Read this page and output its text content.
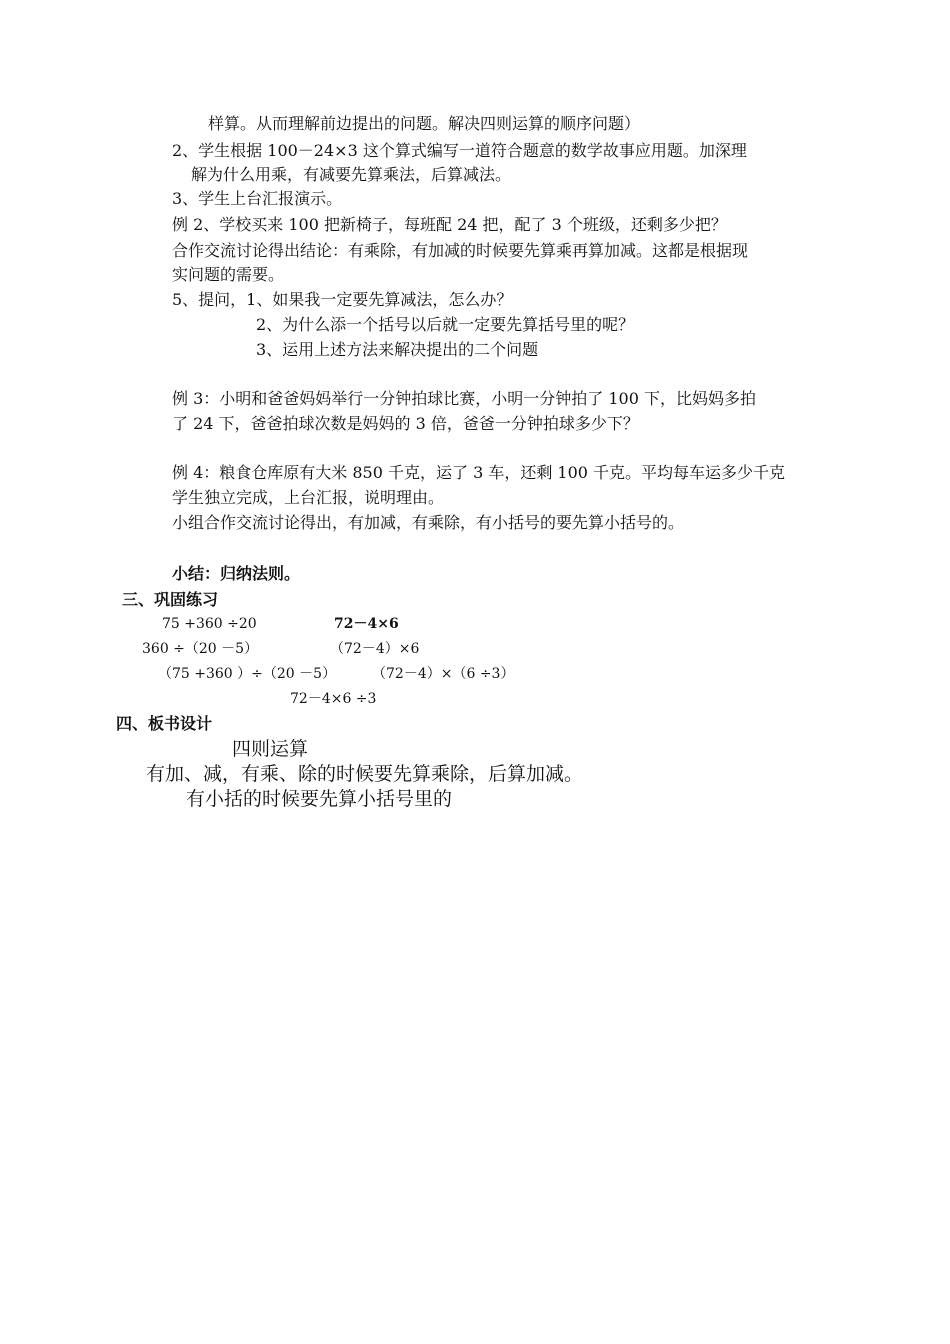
样算。从而理解前边提出的问题。解决四则运算的顺序问题）
2、学生根据 100－24×3 这个算式编写一道符合题意的数学故事应用题。加深理
解为什么用乘，有减要先算乘法，后算减法。
3、学生上台汇报演示。
例 2、学校买来 100 把新椅子，每班配 24 把，配了 3 个班级，还剩多少把？
合作交流讨论得出结论：有乘除，有加减的时候要先算乘再算加减。这都是根据现
实问题的需要。
5、提问，1、如果我一定要先算减法，怎么办？
2、为什么添一个括号以后就一定要先算括号里的呢？
3、运用上述方法来解决提出的二个问题
例 3：小明和爸爸妈妈举行一分钟拍球比赛，小明一分钟拍了 100 下，比妈妈多拍
了 24 下，爸爸拍球次数是妈妈的 3 倍，爸爸一分钟拍球多少下？
例 4：粮食仓库原有大米 850 千克，运了 3 车，还剩 100 千克。平均每车运多少千克
学生独立完成，上台汇报，说明理由。
小组合作交流讨论得出，有加减，有乘除，有小括号的要先算小括号的。
小结：归纳法则。
三、巩固练习
75 +360 ÷20	72－4×6
360 ÷（20 －5）	（72－4）×6
（75 +360 ）÷（20 －5）	（72－4）×（6 ÷3）
72－4×6 ÷3
四、板书设计
四则运算
有加、减，有乘、除的时候要先算乘除，后算加减。
有小括的时候要先算小括号里的
